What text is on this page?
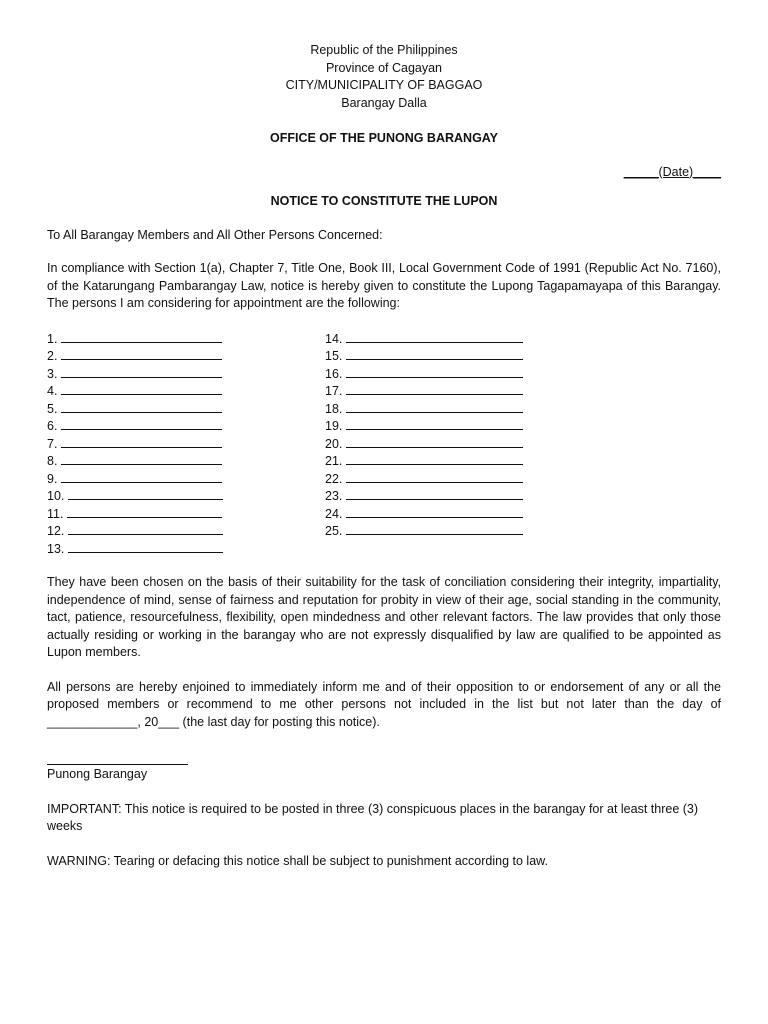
Republic of the Philippines
Province of Cagayan
CITY/MUNICIPALITY OF BAGGAO
Barangay Dalla
OFFICE OF THE PUNONG BARANGAY
_____(Date)____
NOTICE TO CONSTITUTE THE LUPON

To All Barangay Members and All Other Persons Concerned:

In compliance with Section 1(a), Chapter 7, Title One, Book III, Local Government Code of 1991 (Republic Act No. 7160), of the Katarungang Pambarangay Law, notice is hereby given to constitute the Lupong Tagapamayapa of this Barangay. The persons I am considering for appointment are the following:

1.
2.
3.
4.
5.
6.
7.
8.
9.
10.
11.
12.
13.
14.
15.
16.
17.
18.
19.
20.
21.
22.
23.
24.
25.

They have been chosen on the basis of their suitability for the task of conciliation considering their integrity, impartiality, independence of mind, sense of fairness and reputation for probity in view of their age, social standing in the community, tact, patience, resourcefulness, flexibility, open mindedness and other relevant factors. The law provides that only those actually residing or working in the barangay who are not expressly disqualified by law are qualified to be appointed as Lupon members.

All persons are hereby enjoined to immediately inform me and of their opposition to or endorsement of any or all the proposed members or recommend to me other persons not included in the list but not later than the day of _____________, 20___ (the last day for posting this notice).

Punong Barangay

IMPORTANT: This notice is required to be posted in three (3) conspicuous places in the barangay for at least three (3) weeks

WARNING: Tearing or defacing this notice shall be subject to punishment according to law.
